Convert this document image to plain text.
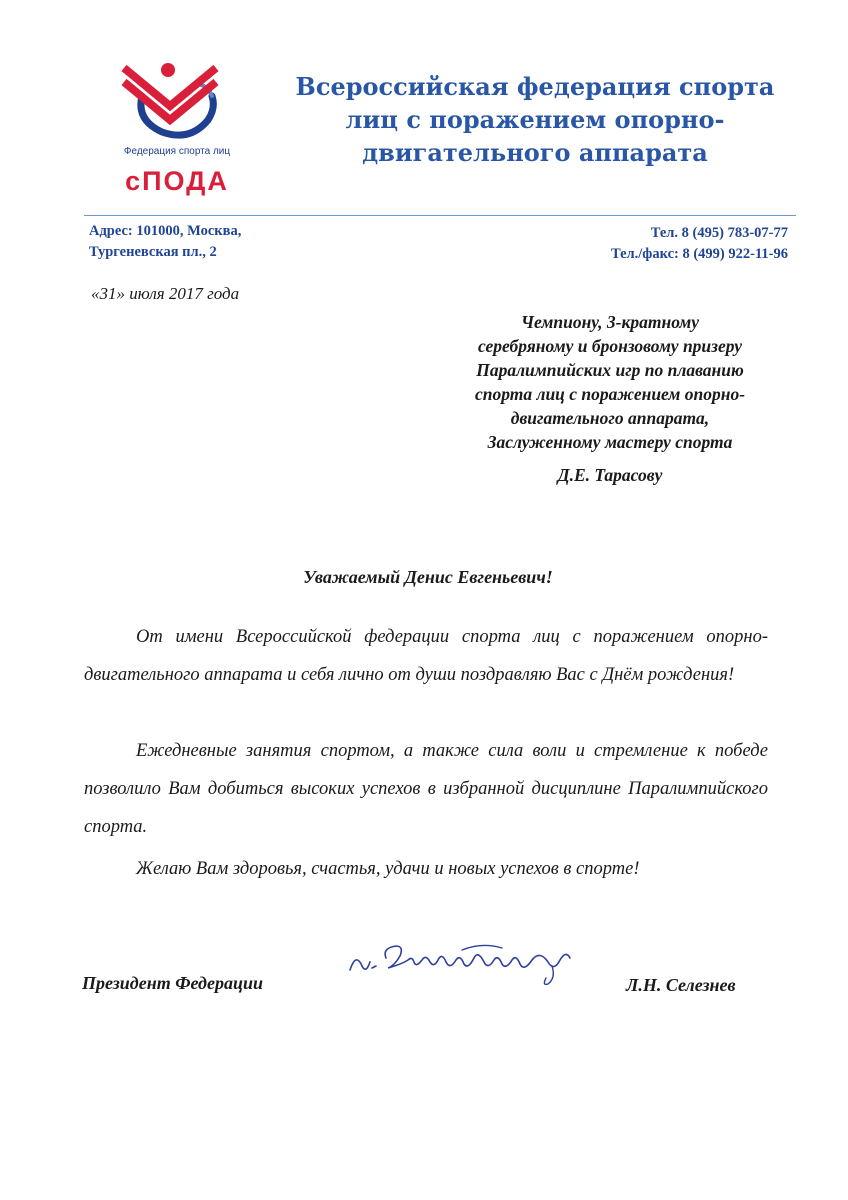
Федерация спорта лиц
сПОДА
Всероссийская федерация спорта
лиц с поражением опорно-
двигательного аппарата
Адрес: 101000, Москва,
Тургеневская пл., 2
Тел. 8 (495) 783-07-77
Тел./факс: 8 (499) 922-11-96
«31» июля 2017 года
Чемпиону, 3-кратному
серебряному и бронзовому призеру
Паралимпийских игр по плаванию
спорта лиц с поражением опорно-
двигательного аппарата,
Заслуженному мастеру спорта
Д.Е. Тарасову
Уважаемый Денис Евгеньевич!
От имени Всероссийской федерации спорта лиц с поражением опорно-двигательного аппарата и себя лично от души поздравляю Вас с Днём рождения!
Ежедневные занятия спортом, а также сила воли и стремление к победе позволило Вам добиться высоких успехов в избранной дисциплине Паралимпийского спорта.
Желаю Вам здоровья, счастья, удачи и новых успехов в спорте!
Президент Федерации	Л.Н. Селезнев
